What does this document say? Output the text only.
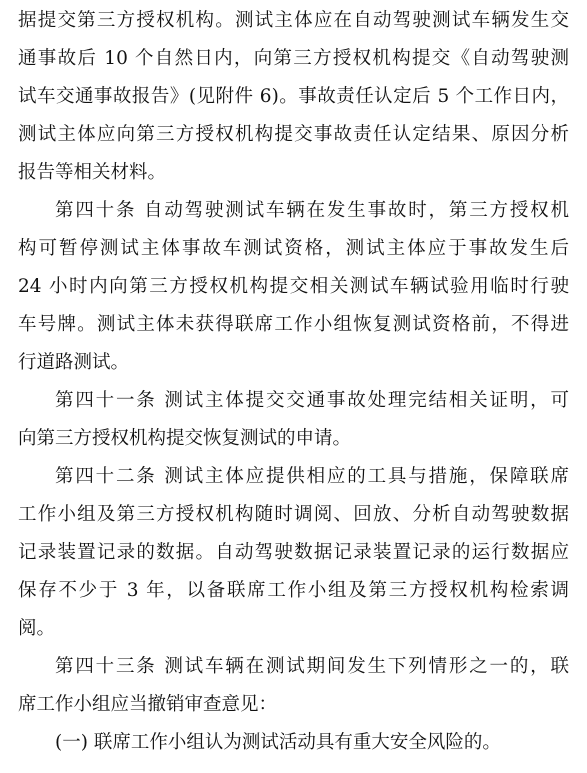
据提交第三方授权机构。测试主体应在自动驾驶测试车辆发生交
通事故后 10 个自然日内，向第三方授权机构提交《自动驾驶测
试车交通事故报告》(见附件 6)。事故责任认定后 5 个工作日内，
测试主体应向第三方授权机构提交事故责任认定结果、原因分析
报告等相关材料。
第四十条 自动驾驶测试车辆在发生事故时，第三方授权机
构可暂停测试主体事故车测试资格，测试主体应于事故发生后
24 小时内向第三方授权机构提交相关测试车辆试验用临时行驶
车号牌。测试主体未获得联席工作小组恢复测试资格前，不得进
行道路测试。
第四十一条 测试主体提交交通事故处理完结相关证明，可
向第三方授权机构提交恢复测试的申请。
第四十二条 测试主体应提供相应的工具与措施，保障联席
工作小组及第三方授权机构随时调阅、回放、分析自动驾驶数据
记录装置记录的数据。自动驾驶数据记录装置记录的运行数据应
保存不少于 3 年，以备联席工作小组及第三方授权机构检索调
阅。
第四十三条 测试车辆在测试期间发生下列情形之一的，联
席工作小组应当撤销审查意见：
(一) 联席工作小组认为测试活动具有重大安全风险的。
